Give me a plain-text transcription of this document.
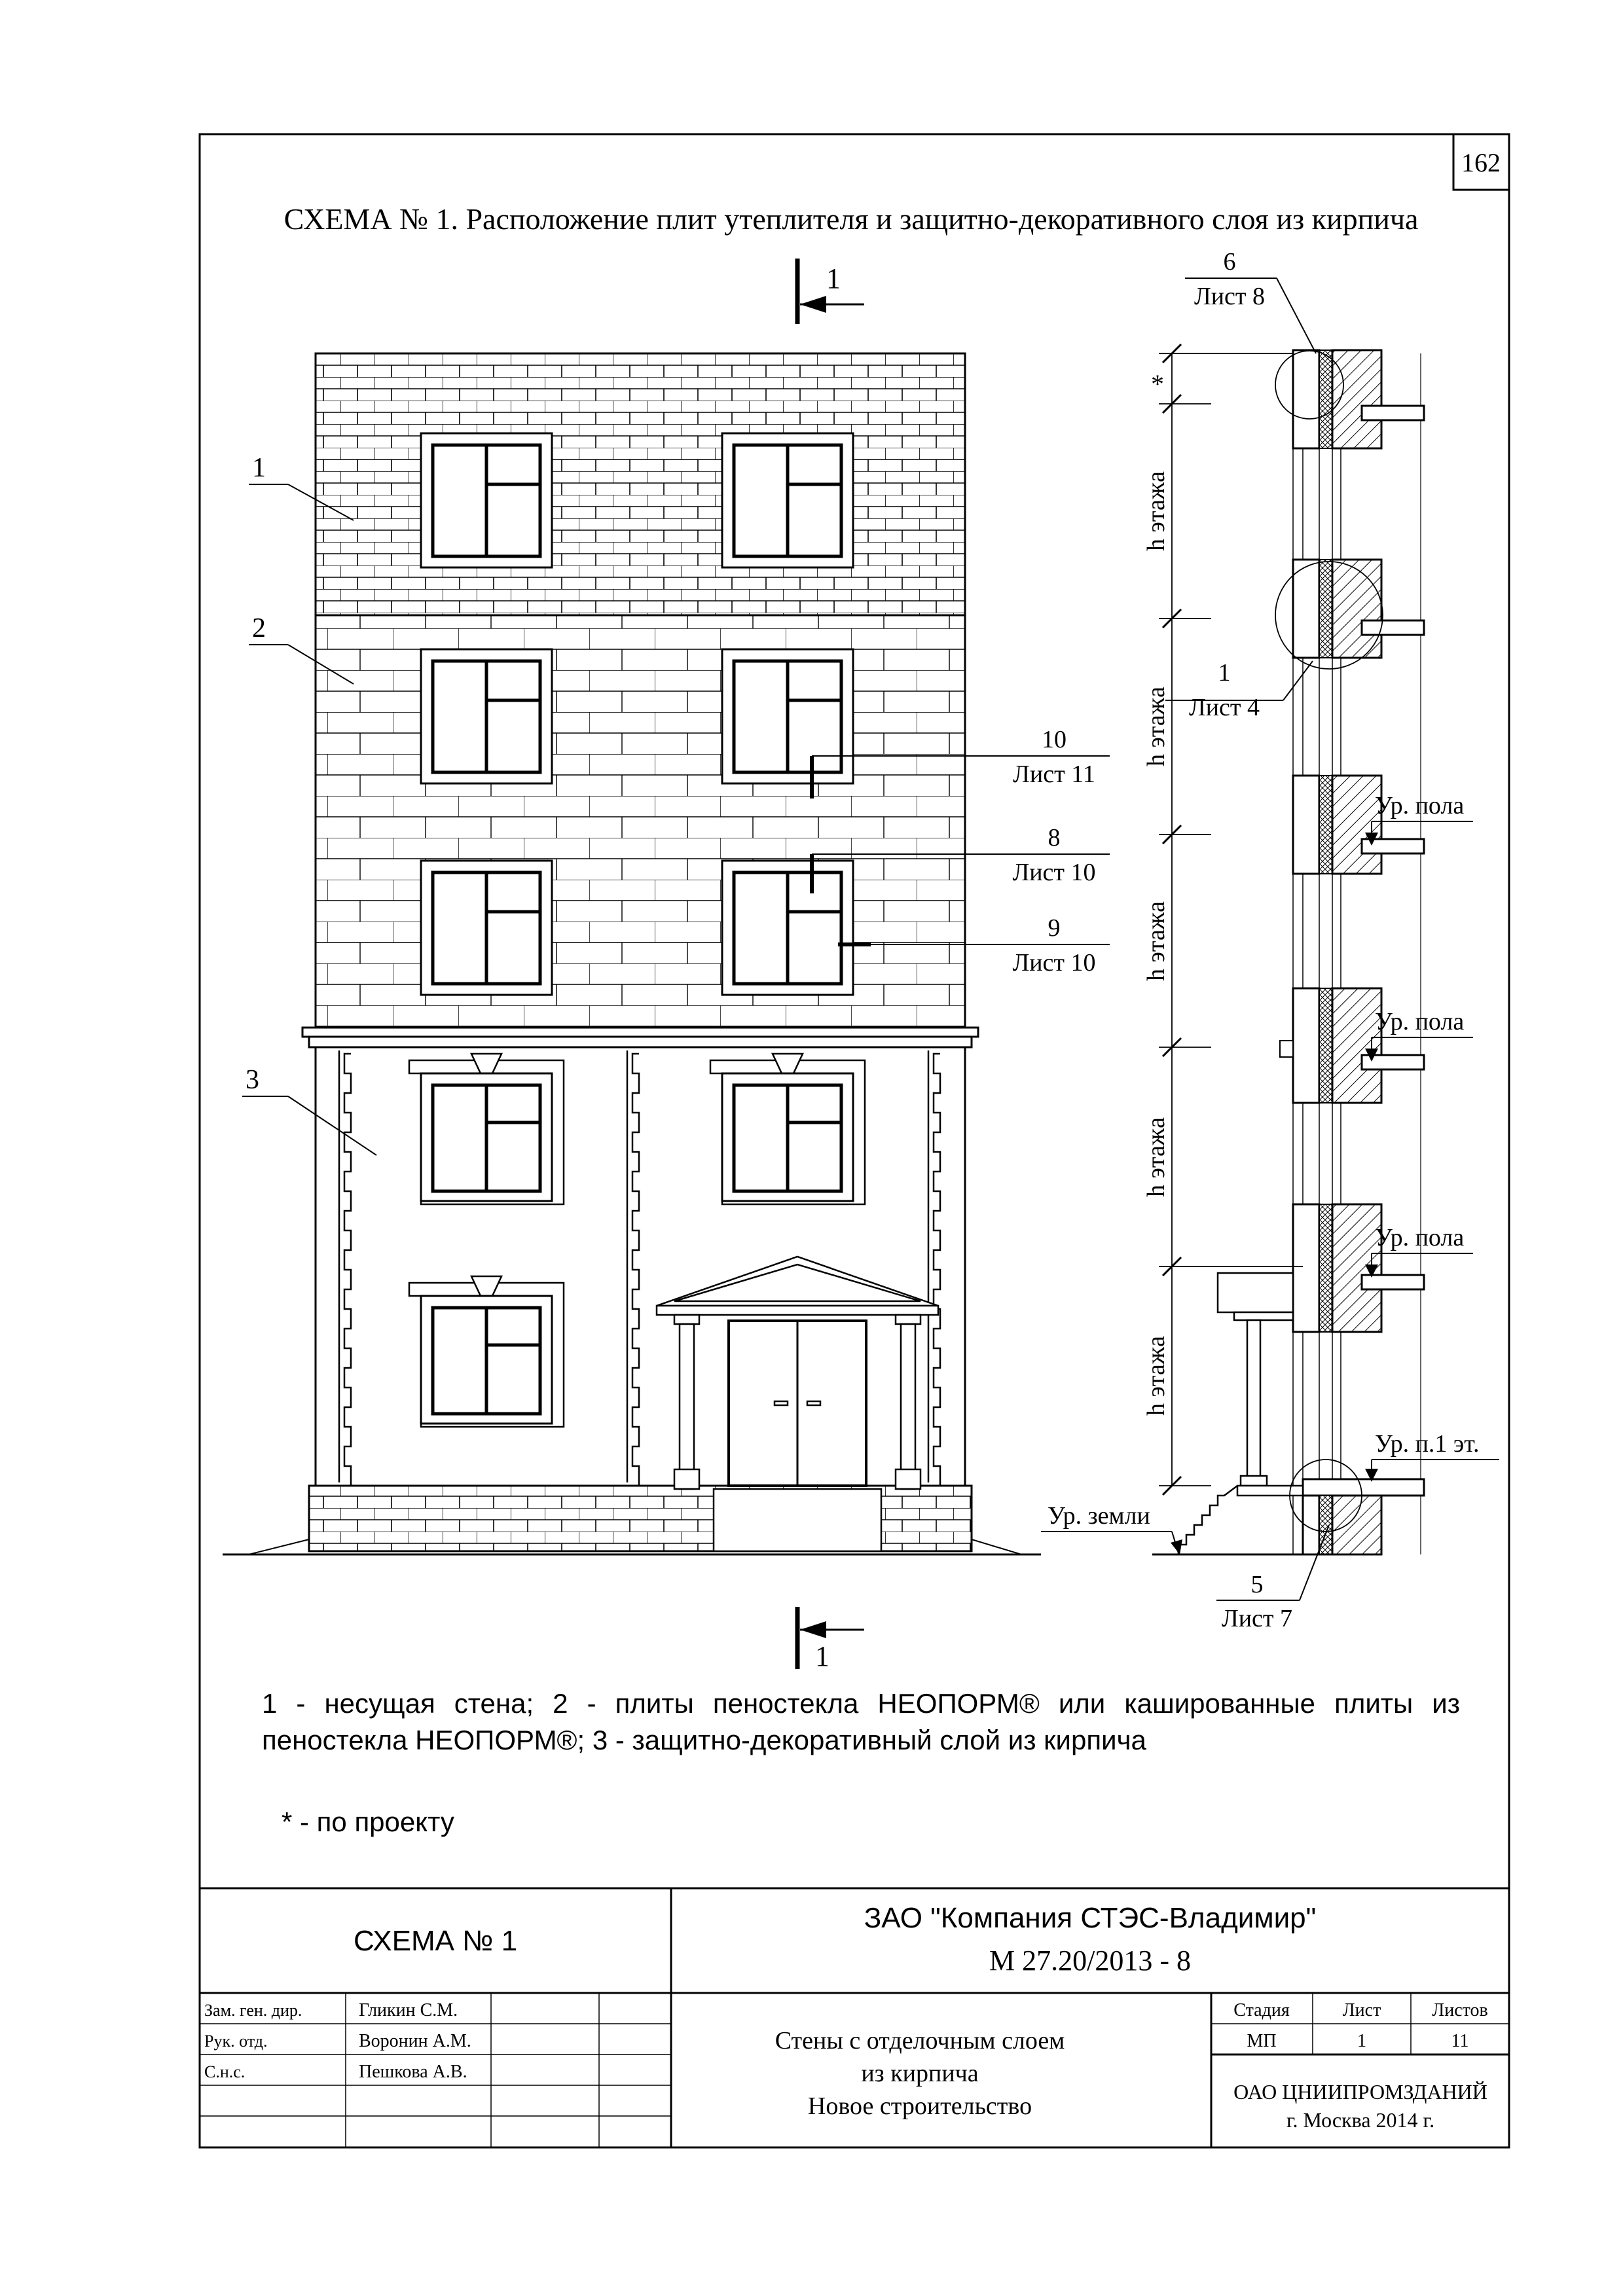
162
СХЕМА № 1. Расположение плит утеплителя и защитно-декоративного слоя из кирпича
1
1
1
2
3
10
Лист 11
8
Лист 10
9
Лист 10
*
h этажа
h этажа
h этажа
h этажа
h этажа
6
Лист 8
1
Лист 4
5
Лист 7
Ур. пола
Ур. пола
Ур. пола
Ур. п.1 эт.
Ур. земли
СХЕМА № 1
ЗАО "Компания СТЭС-Владимир"
М 27.20/2013 - 8
Зам. ген. дир.	Гликин С.М.
Рук. отд.	Воронин А.М.
С.н.с.	Пешкова А.В.
Стены с отделочным слоем
из кирпича
Новое строительство
Стадия	Лист	Листов
МП	1	11
ОАО ЦНИИПРОМЗДАНИЙ
г. Москва 2014 г.
1 - несущая стена; 2 - плиты пеностекла НЕОПОРМ® или кашированные плиты из пеностекла НЕОПОРМ®; 3 - защитно-декоративный слой из кирпича
* - по проекту
